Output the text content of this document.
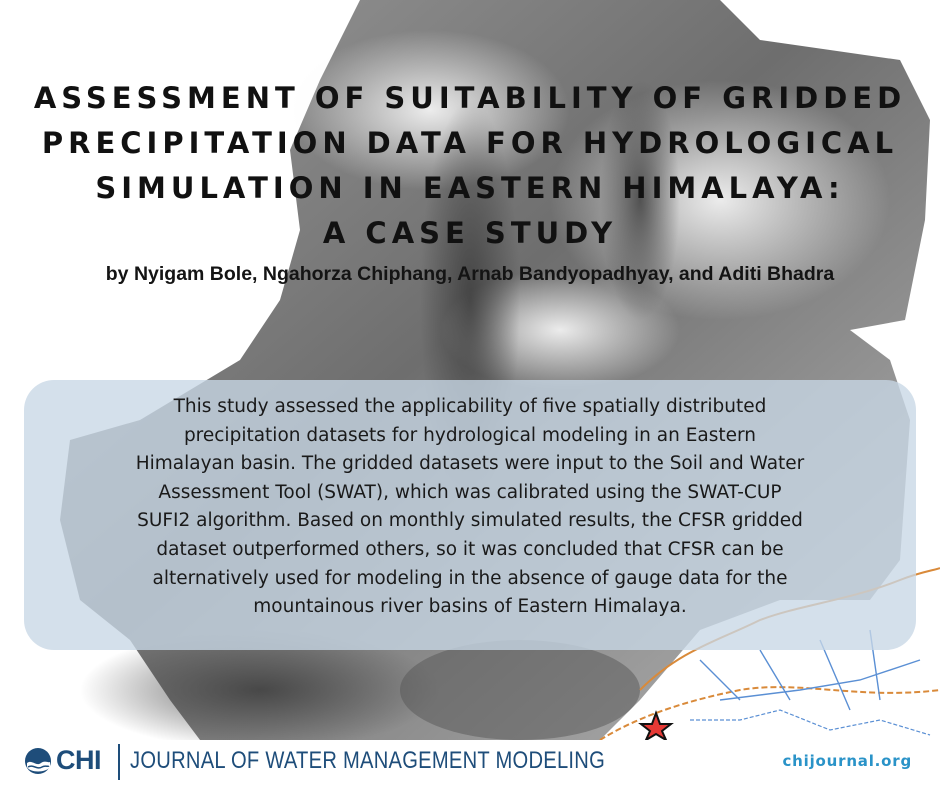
ASSESSMENT OF SUITABILITY OF GRIDDED
PRECIPITATION DATA FOR HYDROLOGICAL
SIMULATION IN EASTERN HIMALAYA:
A CASE STUDY
by Nyigam Bole, Ngahorza Chiphang, Arnab Bandyopadhyay, and Aditi Bhadra
This study assessed the applicability of five spatially distributed
precipitation datasets for hydrological modeling in an Eastern
Himalayan basin. The gridded datasets were input to the Soil and Water
Assessment Tool (SWAT), which was calibrated using the SWAT-CUP
SUFI2 algorithm. Based on monthly simulated results, the CFSR gridded
dataset outperformed others, so it was concluded that CFSR can be
alternatively used for modeling in the absence of gauge data for the
mountainous river basins of Eastern Himalaya.
CHI JOURNAL OF WATER MANAGEMENT MODELING	chijournal.org
